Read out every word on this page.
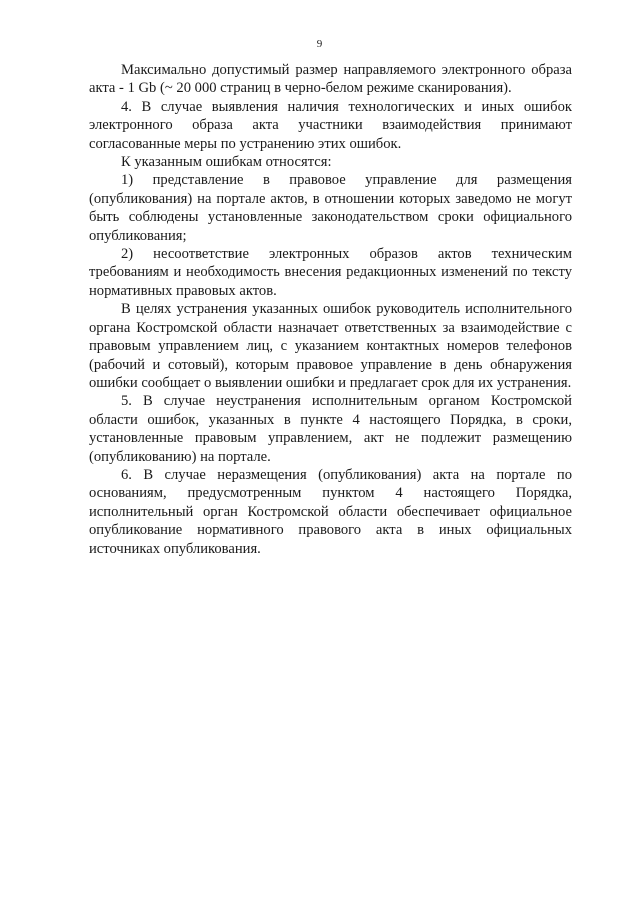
9

Максимально допустимый размер направляемого электронного образа акта - 1 Gb (~ 20 000 страниц в черно-белом режиме сканирования).

4. В случае выявления наличия технологических и иных ошибок электронного образа акта участники взаимодействия принимают согласованные меры по устранению этих ошибок.

К указанным ошибкам относятся:

1) представление в правовое управление для размещения (опубликования) на портале актов, в отношении которых заведомо не могут быть соблюдены установленные законодательством сроки официального опубликования;

2) несоответствие электронных образов актов техническим требованиям и необходимость внесения редакционных изменений по тексту нормативных правовых актов.

В целях устранения указанных ошибок руководитель исполнительного органа Костромской области назначает ответственных за взаимодействие с правовым управлением лиц, с указанием контактных номеров телефонов (рабочий и сотовый), которым правовое управление в день обнаружения ошибки сообщает о выявлении ошибки и предлагает срок для их устранения.

5. В случае неустранения исполнительным органом Костромской области ошибок, указанных в пункте 4 настоящего Порядка, в сроки, установленные правовым управлением, акт не подлежит размещению (опубликованию) на портале.

6. В случае неразмещения (опубликования) акта на портале по основаниям, предусмотренным пунктом 4 настоящего Порядка, исполнительный орган Костромской области обеспечивает официальное опубликование нормативного правового акта в иных официальных источниках опубликования.
